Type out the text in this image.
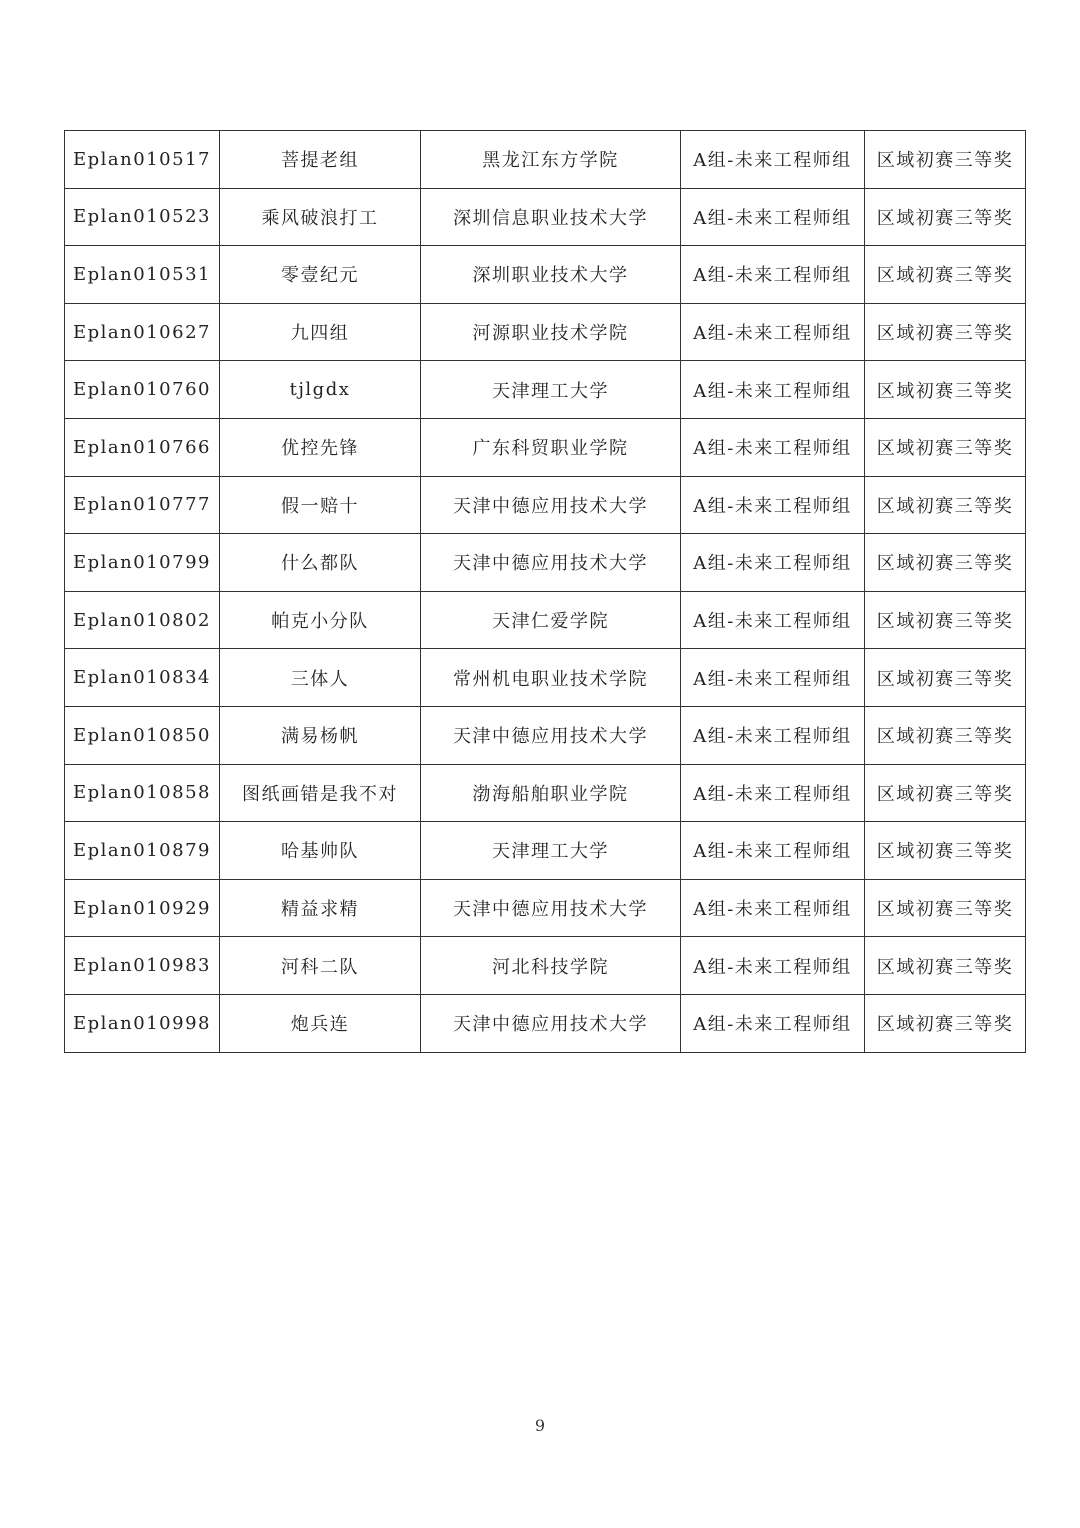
Eplan010517	菩提老组	黑龙江东方学院	A组-未来工程师组	区域初赛三等奖
Eplan010523	乘风破浪打工	深圳信息职业技术大学	A组-未来工程师组	区域初赛三等奖
Eplan010531	零壹纪元	深圳职业技术大学	A组-未来工程师组	区域初赛三等奖
Eplan010627	九四组	河源职业技术学院	A组-未来工程师组	区域初赛三等奖
Eplan010760	tjlgdx	天津理工大学	A组-未来工程师组	区域初赛三等奖
Eplan010766	优控先锋	广东科贸职业学院	A组-未来工程师组	区域初赛三等奖
Eplan010777	假一赔十	天津中德应用技术大学	A组-未来工程师组	区域初赛三等奖
Eplan010799	什么都队	天津中德应用技术大学	A组-未来工程师组	区域初赛三等奖
Eplan010802	帕克小分队	天津仁爱学院	A组-未来工程师组	区域初赛三等奖
Eplan010834	三体人	常州机电职业技术学院	A组-未来工程师组	区域初赛三等奖
Eplan010850	满易杨帆	天津中德应用技术大学	A组-未来工程师组	区域初赛三等奖
Eplan010858	图纸画错是我不对	渤海船舶职业学院	A组-未来工程师组	区域初赛三等奖
Eplan010879	哈基帅队	天津理工大学	A组-未来工程师组	区域初赛三等奖
Eplan010929	精益求精	天津中德应用技术大学	A组-未来工程师组	区域初赛三等奖
Eplan010983	河科二队	河北科技学院	A组-未来工程师组	区域初赛三等奖
Eplan010998	炮兵连	天津中德应用技术大学	A组-未来工程师组	区域初赛三等奖
9
